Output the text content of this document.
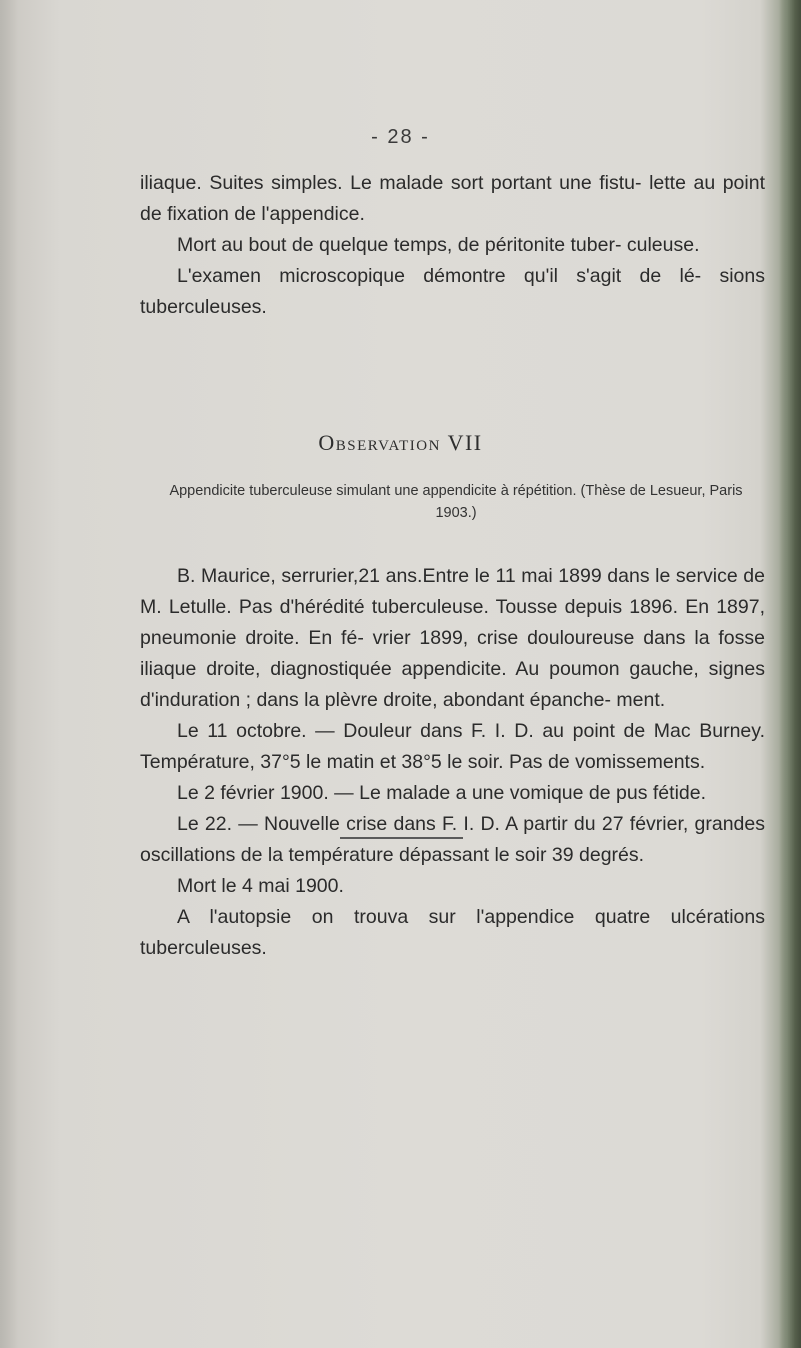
- 28 -

iliaque. Suites simples. Le malade sort portant une fistu- lette au point de fixation de l'appendice.

Mort au bout de quelque temps, de péritonite tuber- culeuse.

L'examen microscopique démontre qu'il s'agit de lé- sions tuberculeuses.

Observation VII
Appendicite tuberculeuse simulant une appendicite à répétition. (Thèse de Lesueur, Paris 1903.)

B. Maurice, serrurier,21 ans.Entre le 11 mai 1899 dans le service de M. Letulle. Pas d'hérédité tuberculeuse. Tousse depuis 1896. En 1897, pneumonie droite. En fé- vrier 1899, crise douloureuse dans la fosse iliaque droite, diagnostiquée appendicite. Au poumon gauche, signes d'induration ; dans la plèvre droite, abondant épanche- ment.

Le 11 octobre. — Douleur dans F. I. D. au point de Mac Burney. Température, 37°5 le matin et 38°5 le soir. Pas de vomissements.

Le 2 février 1900. — Le malade a une vomique de pus fétide.

Le 22. — Nouvelle crise dans F. I. D. A partir du 27 février, grandes oscillations de la température dépassant le soir 39 degrés.

Mort le 4 mai 1900.

A l'autopsie on trouva sur l'appendice quatre ulcérations tuberculeuses.
